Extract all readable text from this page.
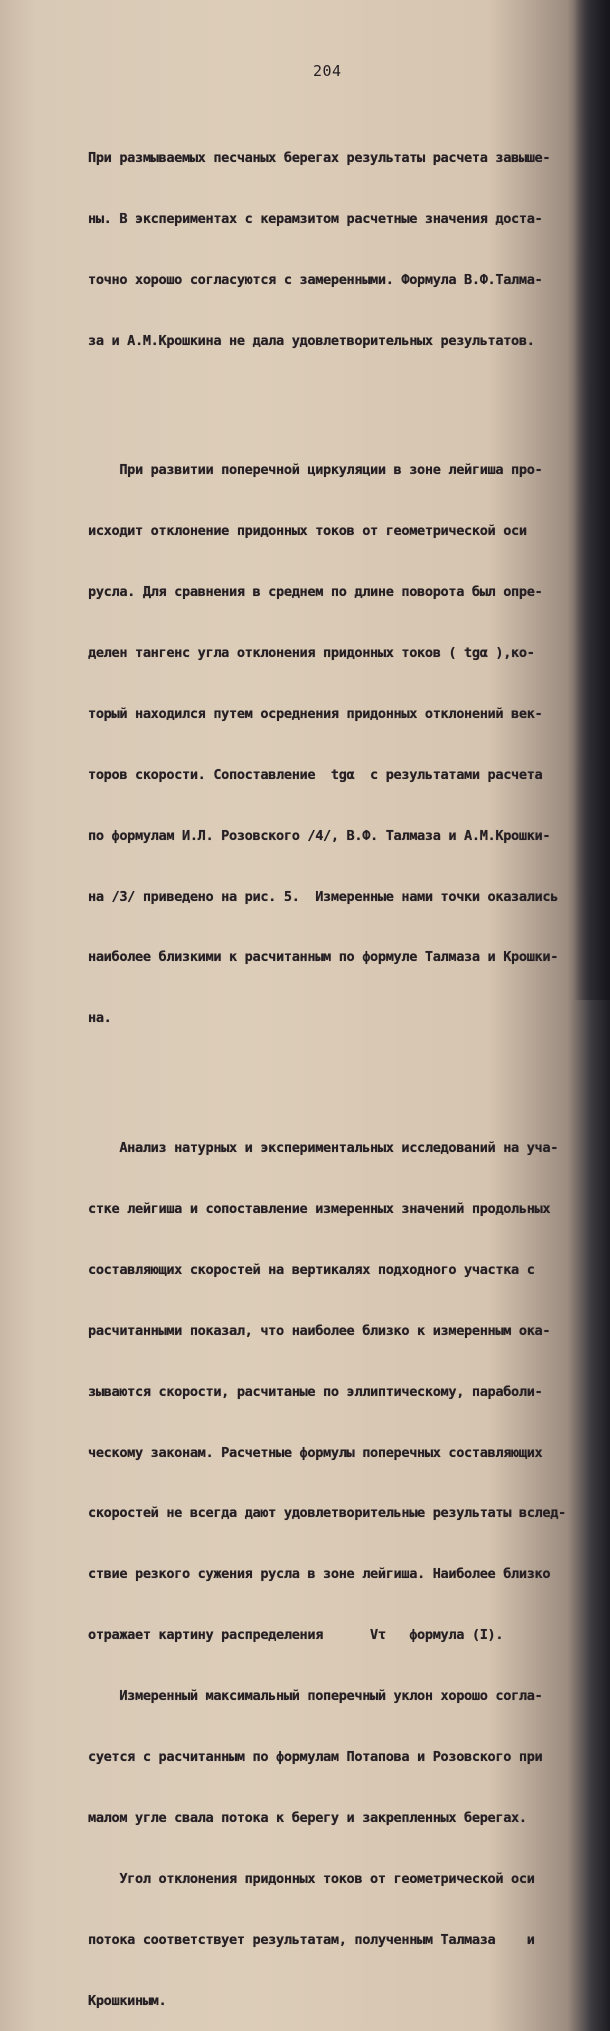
204

При размываемых песчаных берегах результаты расчета завыше-

ны. В экспериментах с керамзитом расчетные значения доста-

точно хорошо согласуются с замеренными. Формула В.Ф.Талма-

за и А.М.Крошкина не дала удовлетворительных результатов.

При развитии поперечной циркуляции в зоне лейгиша про-

исходит отклонение придонных токов от геометрической оси

русла. Для сравнения в среднем по длине поворота был опре-

делен тангенс угла отклонения придонных токов ( tgα ),ко-

торый находился путем осреднения придонных отклонений век-

торов скорости. Сопоставление  tgα  с результатами расчета

по формулам И.Л. Розовского /4/, В.Ф. Талмаза и А.М.Крошки-

на /3/ приведено на рис. 5.  Измеренные нами точки оказались

наиболее близкими к расчитанным по формуле Талмаза и Крошки-

на.

Анализ натурных и экспериментальных исследований на уча-

стке лейгиша и сопоставление измеренных значений продольных

составляющих скоростей на вертикалях подходного участка с

расчитанными показал, что наиболее близко к измеренным ока-

зываются скорости, расчитаные по эллиптическому, параболи-

ческому законам. Расчетные формулы поперечных составляющих

скоростей не всегда дают удовлетворительные результаты вслед-

ствие резкого сужения русла в зоне лейгиша. Наиболее близко

отражает картину распределения      Vτ   формула (I).

Измеренный максимальный поперечный уклон хорошо согла-

суется с расчитанным по формулам Потапова и Розовского при

малом угле свала потока к берегу и закрепленных берегах.

Угол отклонения придонных токов от геометрической оси

потока соответствует результатам, полученным Талмаза    и

Крошкиным.
